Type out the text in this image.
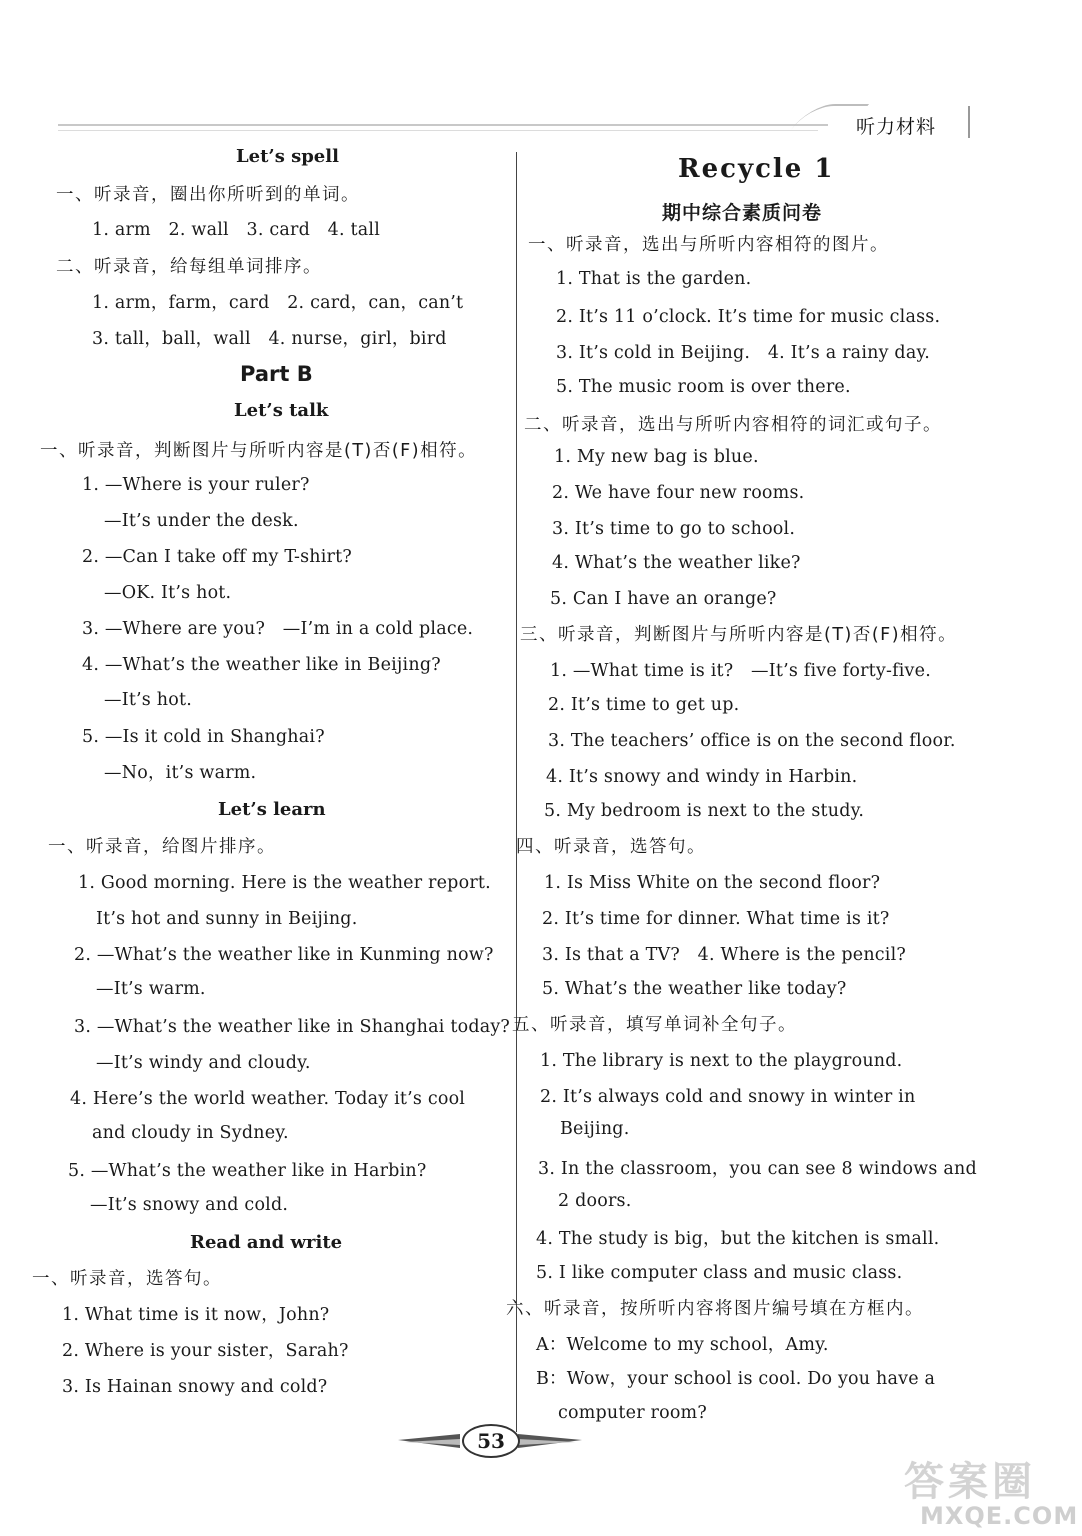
听力材料
Let’s spell
一、听录音，圈出你所听到的单词。
1. arm　2. wall　3. card　4. tall
二、听录音，给每组单词排序。
1. arm，farm，card　2. card，can，can’t
3. tall，ball，wall　4. nurse，girl，bird
Part B
Let’s talk
一、听录音，判断图片与所听内容是(T)否(F)相符。
1. —Where is your ruler?
—It’s under the desk.
2. —Can I take off my T-shirt?
—OK. It’s hot.
3. —Where are you?　—I’m in a cold place.
4. —What’s the weather like in Beijing?
—It’s hot.
5. —Is it cold in Shanghai?
—No，it’s warm.
Let’s learn
一、听录音，给图片排序。
1. Good morning. Here is the weather report.
It’s hot and sunny in Beijing.
2. —What’s the weather like in Kunming now?
—It’s warm.
3. —What’s the weather like in Shanghai today?
—It’s windy and cloudy.
4. Here’s the world weather. Today it’s cool
and cloudy in Sydney.
5. —What’s the weather like in Harbin?
—It’s snowy and cold.
Read and write
一、听录音，选答句。
1. What time is it now，John?
2. Where is your sister，Sarah?
3. Is Hainan snowy and cold?
Recycle 1
期中综合素质问卷
一、听录音，选出与所听内容相符的图片。
1. That is the garden.
2. It’s 11 o’clock. It’s time for music class.
3. It’s cold in Beijing.　4. It’s a rainy day.
5. The music room is over there.
二、听录音，选出与所听内容相符的词汇或句子。
1. My new bag is blue.
2. We have four new rooms.
3. It’s time to go to school.
4. What’s the weather like?
5. Can I have an orange?
三、听录音，判断图片与所听内容是(T)否(F)相符。
1. —What time is it?　—It’s five forty-five.
2. It’s time to get up.
3. The teachers’ office is on the second floor.
4. It’s snowy and windy in Harbin.
5. My bedroom is next to the study.
四、听录音，选答句。
1. Is Miss White on the second floor?
2. It’s time for dinner. What time is it?
3. Is that a TV?　4. Where is the pencil?
5. What’s the weather like today?
五、听录音，填写单词补全句子。
1. The library is next to the playground.
2. It’s always cold and snowy in winter in
Beijing.
3. In the classroom，you can see 8 windows and
2 doors.
4. The study is big，but the kitchen is small.
5. I like computer class and music class.
六、听录音，按所听内容将图片编号填在方框内。
A：Welcome to my school，Amy.
B：Wow，your school is cool. Do you have a
computer room?
53
答案圈
MXQE.COM
